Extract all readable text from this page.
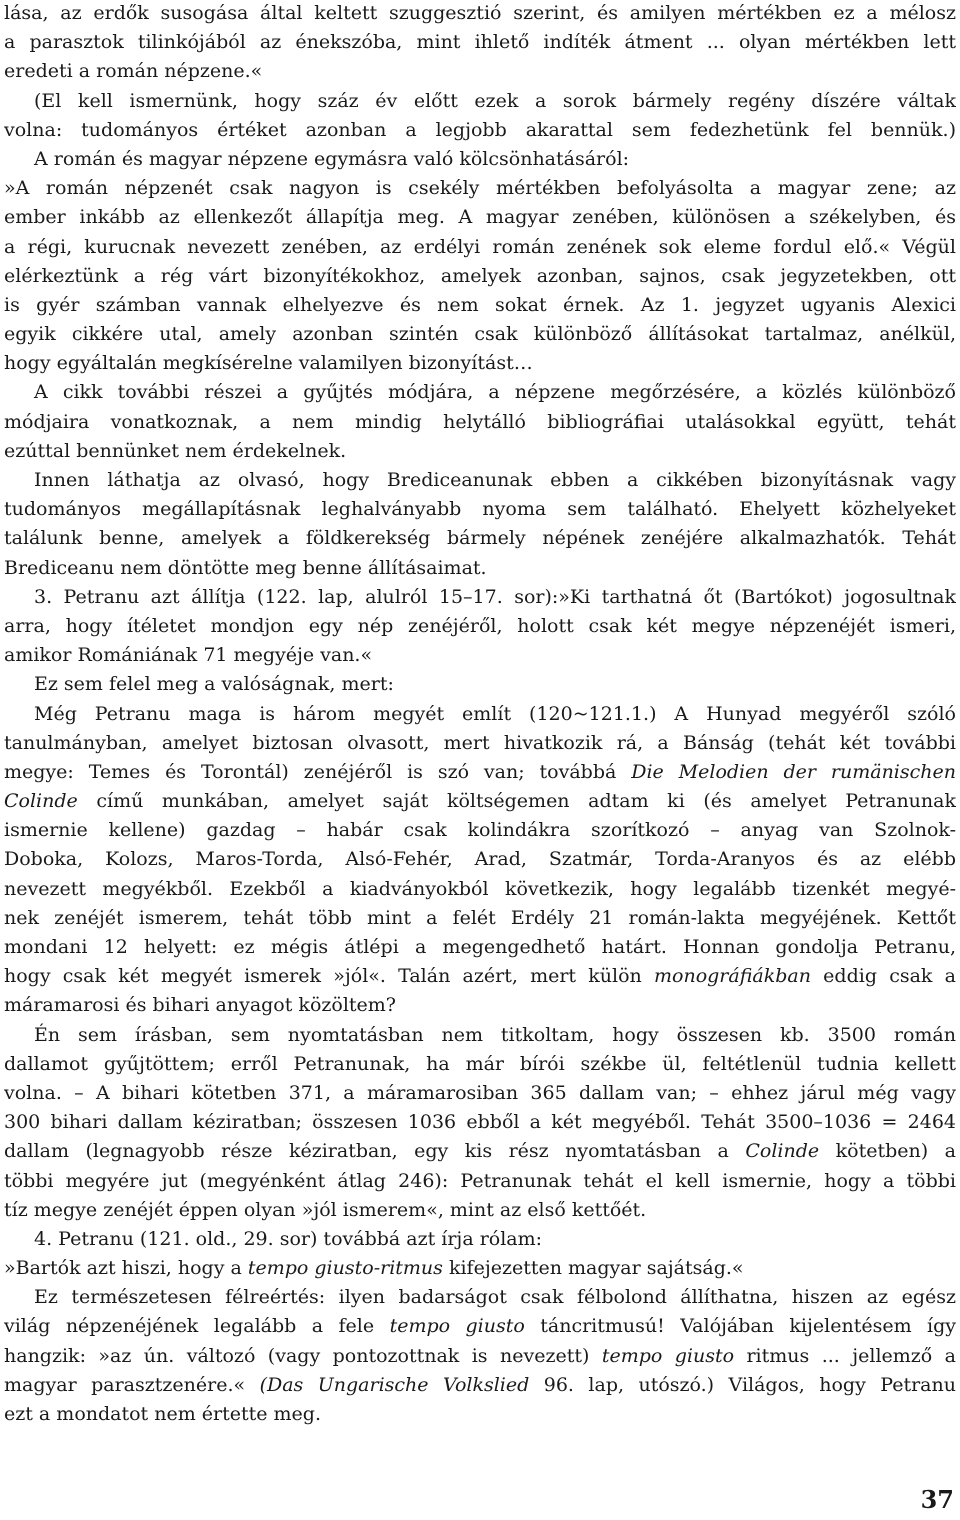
lása, az erdők susogása által keltett szuggesztió szerint, és amilyen mértékben ez a mélosz
a parasztok tilinkójából az énekszóba, mint ihlető indíték átment ... olyan mértékben lett
eredeti a román népzene.«
(El kell ismernünk, hogy száz év előtt ezek a sorok bármely regény díszére váltak
volna: tudományos értéket azonban a legjobb akarattal sem fedezhetünk fel bennük.)
A román és magyar népzene egymásra való kölcsönhatásáról:
»A román népzenét csak nagyon is csekély mértékben befolyásolta a magyar zene; az
ember inkább az ellenkezőt állapítja meg. A magyar zenében, különösen a székelyben, és
a régi, kurucnak nevezett zenében, az erdélyi román zenének sok eleme fordul elő.« Végül
elérkeztünk a rég várt bizonyítékokhoz, amelyek azonban, sajnos, csak jegyzetekben, ott
is gyér számban vannak elhelyezve és nem sokat érnek. Az 1. jegyzet ugyanis Alexici
egyik cikkére utal, amely azonban szintén csak különböző állításokat tartalmaz, anélkül,
hogy egyáltalán megkísérelne valamilyen bizonyítást…
A cikk további részei a gyűjtés módjára, a népzene megőrzésére, a közlés különböző
módjaira vonatkoznak, a nem mindig helytálló bibliográfiai utalásokkal együtt, tehát
ezúttal bennünket nem érdekelnek.
Innen láthatja az olvasó, hogy Brediceanunak ebben a cikkében bizonyításnak vagy
tudományos megállapításnak leghalványabb nyoma sem található. Ehelyett közhelyeket
találunk benne, amelyek a földkerekség bármely népének zenéjére alkalmazhatók. Tehát
Brediceanu nem döntötte meg benne állításaimat.
3. Petranu azt állítja (122. lap, alulról 15–17. sor):»Ki tarthatná őt (Bartókot) jogosultnak
arra, hogy ítéletet mondjon egy nép zenéjéről, holott csak két megye népzenéjét ismeri,
amikor Romániának 71 megyéje van.«
Ez sem felel meg a valóságnak, mert:
Még Petranu maga is három megyét említ (120~121.1.) A Hunyad megyéről szóló
tanulmányban, amelyet biztosan olvasott, mert hivatkozik rá, a Bánság (tehát két további
megye: Temes és Torontál) zenéjéről is szó van; továbbá Die Melodien der rumänischen
Colinde című munkában, amelyet saját költségemen adtam ki (és amelyet Petranunak
ismernie kellene) gazdag – habár csak kolindákra szorítkozó – anyag van Szolnok-
Doboka, Kolozs, Maros-Torda, Alsó-Fehér, Arad, Szatmár, Torda-Aranyos és az elébb
nevezett megyékből. Ezekből a kiadványokból következik, hogy legalább tizenkét megyé-
nek zenéjét ismerem, tehát több mint a felét Erdély 21 román-lakta megyéjének. Kettőt
mondani 12 helyett: ez mégis átlépi a megengedhető határt. Honnan gondolja Petranu,
hogy csak két megyét ismerek »jól«. Talán azért, mert külön monográfiákban eddig csak a
máramarosi és bihari anyagot közöltem?
Én sem írásban, sem nyomtatásban nem titkoltam, hogy összesen kb. 3500 román
dallamot gyűjtöttem; erről Petranunak, ha már bírói székbe ül, feltétlenül tudnia kellett
volna. – A bihari kötetben 371, a máramarosiban 365 dallam van; – ehhez járul még vagy
300 bihari dallam kéziratban; összesen 1036 ebből a két megyéből. Tehát 3500–1036 = 2464
dallam (legnagyobb része kéziratban, egy kis rész nyomtatásban a Colinde kötetben) a
többi megyére jut (megyénként átlag 246): Petranunak tehát el kell ismernie, hogy a többi
tíz megye zenéjét éppen olyan »jól ismerem«, mint az első kettőét.
4. Petranu (121. old., 29. sor) továbbá azt írja rólam:
»Bartók azt hiszi, hogy a tempo giusto-ritmus kifejezetten magyar sajátság.«
Ez természetesen félreértés: ilyen badarságot csak félbolond állíthatna, hiszen az egész
világ népzenéjének legalább a fele tempo giusto táncritmusú! Valójában kijelentésem így
hangzik: »az ún. változó (vagy pontozottnak is nevezett) tempo giusto ritmus ... jellemző a
magyar parasztzenére.« (Das Ungarische Volkslied 96. lap, utószó.) Világos, hogy Petranu
ezt a mondatot nem értette meg.
37
